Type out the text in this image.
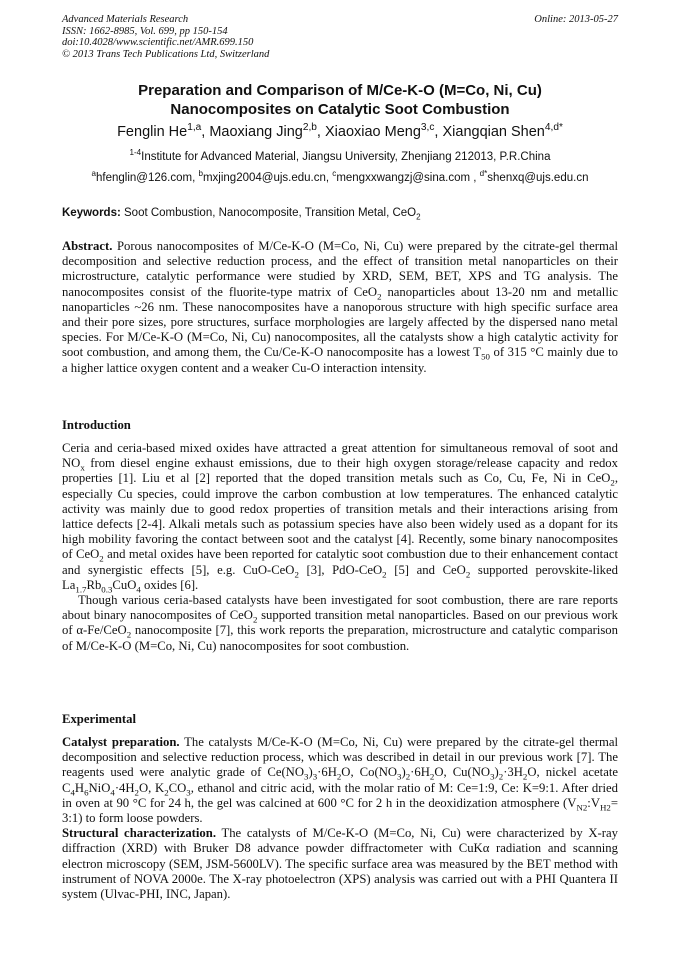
Advanced Materials Research
ISSN: 1662-8985, Vol. 699, pp 150-154
doi:10.4028/www.scientific.net/AMR.699.150
© 2013 Trans Tech Publications Ltd, Switzerland
Online: 2013-05-27
Preparation and Comparison of M/Ce-K-O (M=Co, Ni, Cu)
Nanocomposites on Catalytic Soot Combustion
Fenglin He$^{1,a}$, Maoxiang Jing$^{2,b}$, Xiaoxiao Meng$^{3,c}$, Xiangqian Shen$^{4,d*}$
$^{1-4}$Institute for Advanced Material, Jiangsu University, Zhenjiang 212013, P.R.China
$^a$hfenglin@126.com, $^b$mxjing2004@ujs.edu.cn, $^c$mengxxwangzj@sina.com , $^{d*}$shenxq@ujs.edu.cn
Keywords: Soot Combustion, Nanocomposite, Transition Metal, CeO$_2$
Abstract. Porous nanocomposites of M/Ce-K-O (M=Co, Ni, Cu) were prepared by the citrate-gel thermal decomposition and selective reduction process, and the effect of transition metal nanoparticles on their microstructure, catalytic performance were studied by XRD, SEM, BET, XPS and TG analysis. The nanocomposites consist of the fluorite-type matrix of CeO$_2$ nanoparticles about 13-20 nm and metallic nanoparticles ~26 nm. These nanocomposites have a nanoporous structure with high specific surface area and their pore sizes, pore structures, surface morphologies are largely affected by the dispersed nano metal species. For M/Ce-K-O (M=Co, Ni, Cu) nanocomposites, all the catalysts show a high catalytic activity for soot combustion, and among them, the Cu/Ce-K-O nanocomposite has a lowest $T_{50}$ of 315 °C mainly due to a higher lattice oxygen content and a weaker Cu-O interaction intensity.
Introduction

Ceria and ceria-based mixed oxides have attracted a great attention for simultaneous removal of soot and $NO_x$ from diesel engine exhaust emissions, due to their high oxygen storage/release capacity and redox properties [1]. Liu et al [2] reported that the doped transition metals such as Co, Cu, Fe, Ni in CeO$_2$, especially Cu species, could improve the carbon combustion at low temperatures. The enhanced catalytic activity was mainly due to good redox properties of transition metals and their interactions arising from lattice defects [2-4]. Alkali metals such as potassium species have also been widely used as a dopant for its high mobility favoring the contact between soot and the catalyst [4]. Recently, some binary nanocomposites of CeO$_2$ and metal oxides have been reported for catalytic soot combustion due to their enhancement contact and synergistic effects [5], e.g. CuO-CeO$_2$ [3], PdO-CeO$_2$ [5] and CeO$_2$ supported perovskite-liked $La_{1.7}Rb_{0.3}CuO_4$ oxides [6].

Though various ceria-based catalysts have been investigated for soot combustion, there are rare reports about binary nanocomposites of CeO$_2$ supported transition metal nanoparticles. Based on our previous work of α-Fe/CeO$_2$ nanocomposite [7], this work reports the preparation, microstructure and catalytic comparison of M/Ce-K-O (M=Co, Ni, Cu) nanocomposites for soot combustion.

Experimental

Catalyst preparation. The catalysts M/Ce-K-O (M=Co, Ni, Cu) were prepared by the citrate-gel thermal decomposition and selective reduction process, which was described in detail in our previous work [7]. The reagents used were analytic grade of $Ce(NO_3)_3\cdot 6H_2O$, $Co(NO_3)_2\cdot 6H_2O$, $Cu(NO_3)_2\cdot 3H_2O$, nickel acetate $C_4H_6NiO_4\cdot 4H_2O$, $K_2CO_3$, ethanol and citric acid, with the molar ratio of M: Ce=1:9, Ce: K=9:1. After dried in oven at 90 °C for 24 h, the gel was calcined at 600 °C for 2 h in the deoxidization atmosphere ($V_{N2}:V_{H2}=$ 3:1) to form loose powders.

Structural characterization. The catalysts of M/Ce-K-O (M=Co, Ni, Cu) were characterized by X-ray diffraction (XRD) with Bruker D8 advance powder diffractometer with CuKα radiation and scanning electron microscopy (SEM, JSM-5600LV). The specific surface area was measured by the BET method with instrument of NOVA 2000e. The X-ray photoelectron (XPS) analysis was carried out with a PHI Quantera II system (Ulvac-PHI, INC, Japan).
